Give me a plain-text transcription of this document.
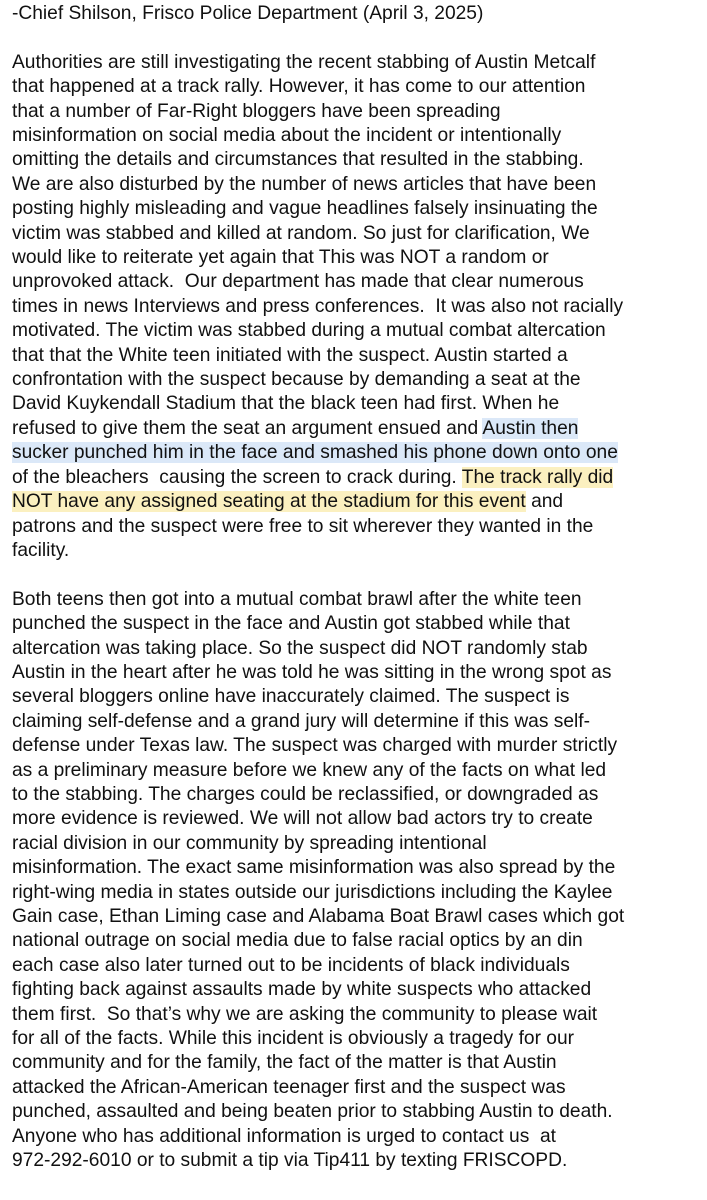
-Chief Shilson, Frisco Police Department (April 3, 2025)

Authorities are still investigating the recent stabbing of Austin Metcalf
that happened at a track rally. However, it has come to our attention
that a number of Far-Right bloggers have been spreading
misinformation on social media about the incident or intentionally
omitting the details and circumstances that resulted in the stabbing.
We are also disturbed by the number of news articles that have been
posting highly misleading and vague headlines falsely insinuating the
victim was stabbed and killed at random. So just for clarification, We
would like to reiterate yet again that This was NOT a random or
unprovoked attack.  Our department has made that clear numerous
times in news Interviews and press conferences.  It was also not racially
motivated. The victim was stabbed during a mutual combat altercation
that that the White teen initiated with the suspect. Austin started a
confrontation with the suspect because by demanding a seat at the
David Kuykendall Stadium that the black teen had first. When he
refused to give them the seat an argument ensued and Austin then
sucker punched him in the face and smashed his phone down onto one
of the bleachers  causing the screen to crack during. The track rally did
NOT have any assigned seating at the stadium for this event and
patrons and the suspect were free to sit wherever they wanted in the
facility.

Both teens then got into a mutual combat brawl after the white teen
punched the suspect in the face and Austin got stabbed while that
altercation was taking place. So the suspect did NOT randomly stab
Austin in the heart after he was told he was sitting in the wrong spot as
several bloggers online have inaccurately claimed. The suspect is
claiming self-defense and a grand jury will determine if this was self-
defense under Texas law. The suspect was charged with murder strictly
as a preliminary measure before we knew any of the facts on what led
to the stabbing. The charges could be reclassified, or downgraded as
more evidence is reviewed. We will not allow bad actors try to create
racial division in our community by spreading intentional
misinformation. The exact same misinformation was also spread by the
right-wing media in states outside our jurisdictions including the Kaylee
Gain case, Ethan Liming case and Alabama Boat Brawl cases which got
national outrage on social media due to false racial optics by an din
each case also later turned out to be incidents of black individuals
fighting back against assaults made by white suspects who attacked
them first.  So that’s why we are asking the community to please wait
for all of the facts. While this incident is obviously a tragedy for our
community and for the family, the fact of the matter is that Austin
attacked the African-American teenager first and the suspect was
punched, assaulted and being beaten prior to stabbing Austin to death.
Anyone who has additional information is urged to contact us  at
972-292-6010 or to submit a tip via Tip411 by texting FRISCOPD.
